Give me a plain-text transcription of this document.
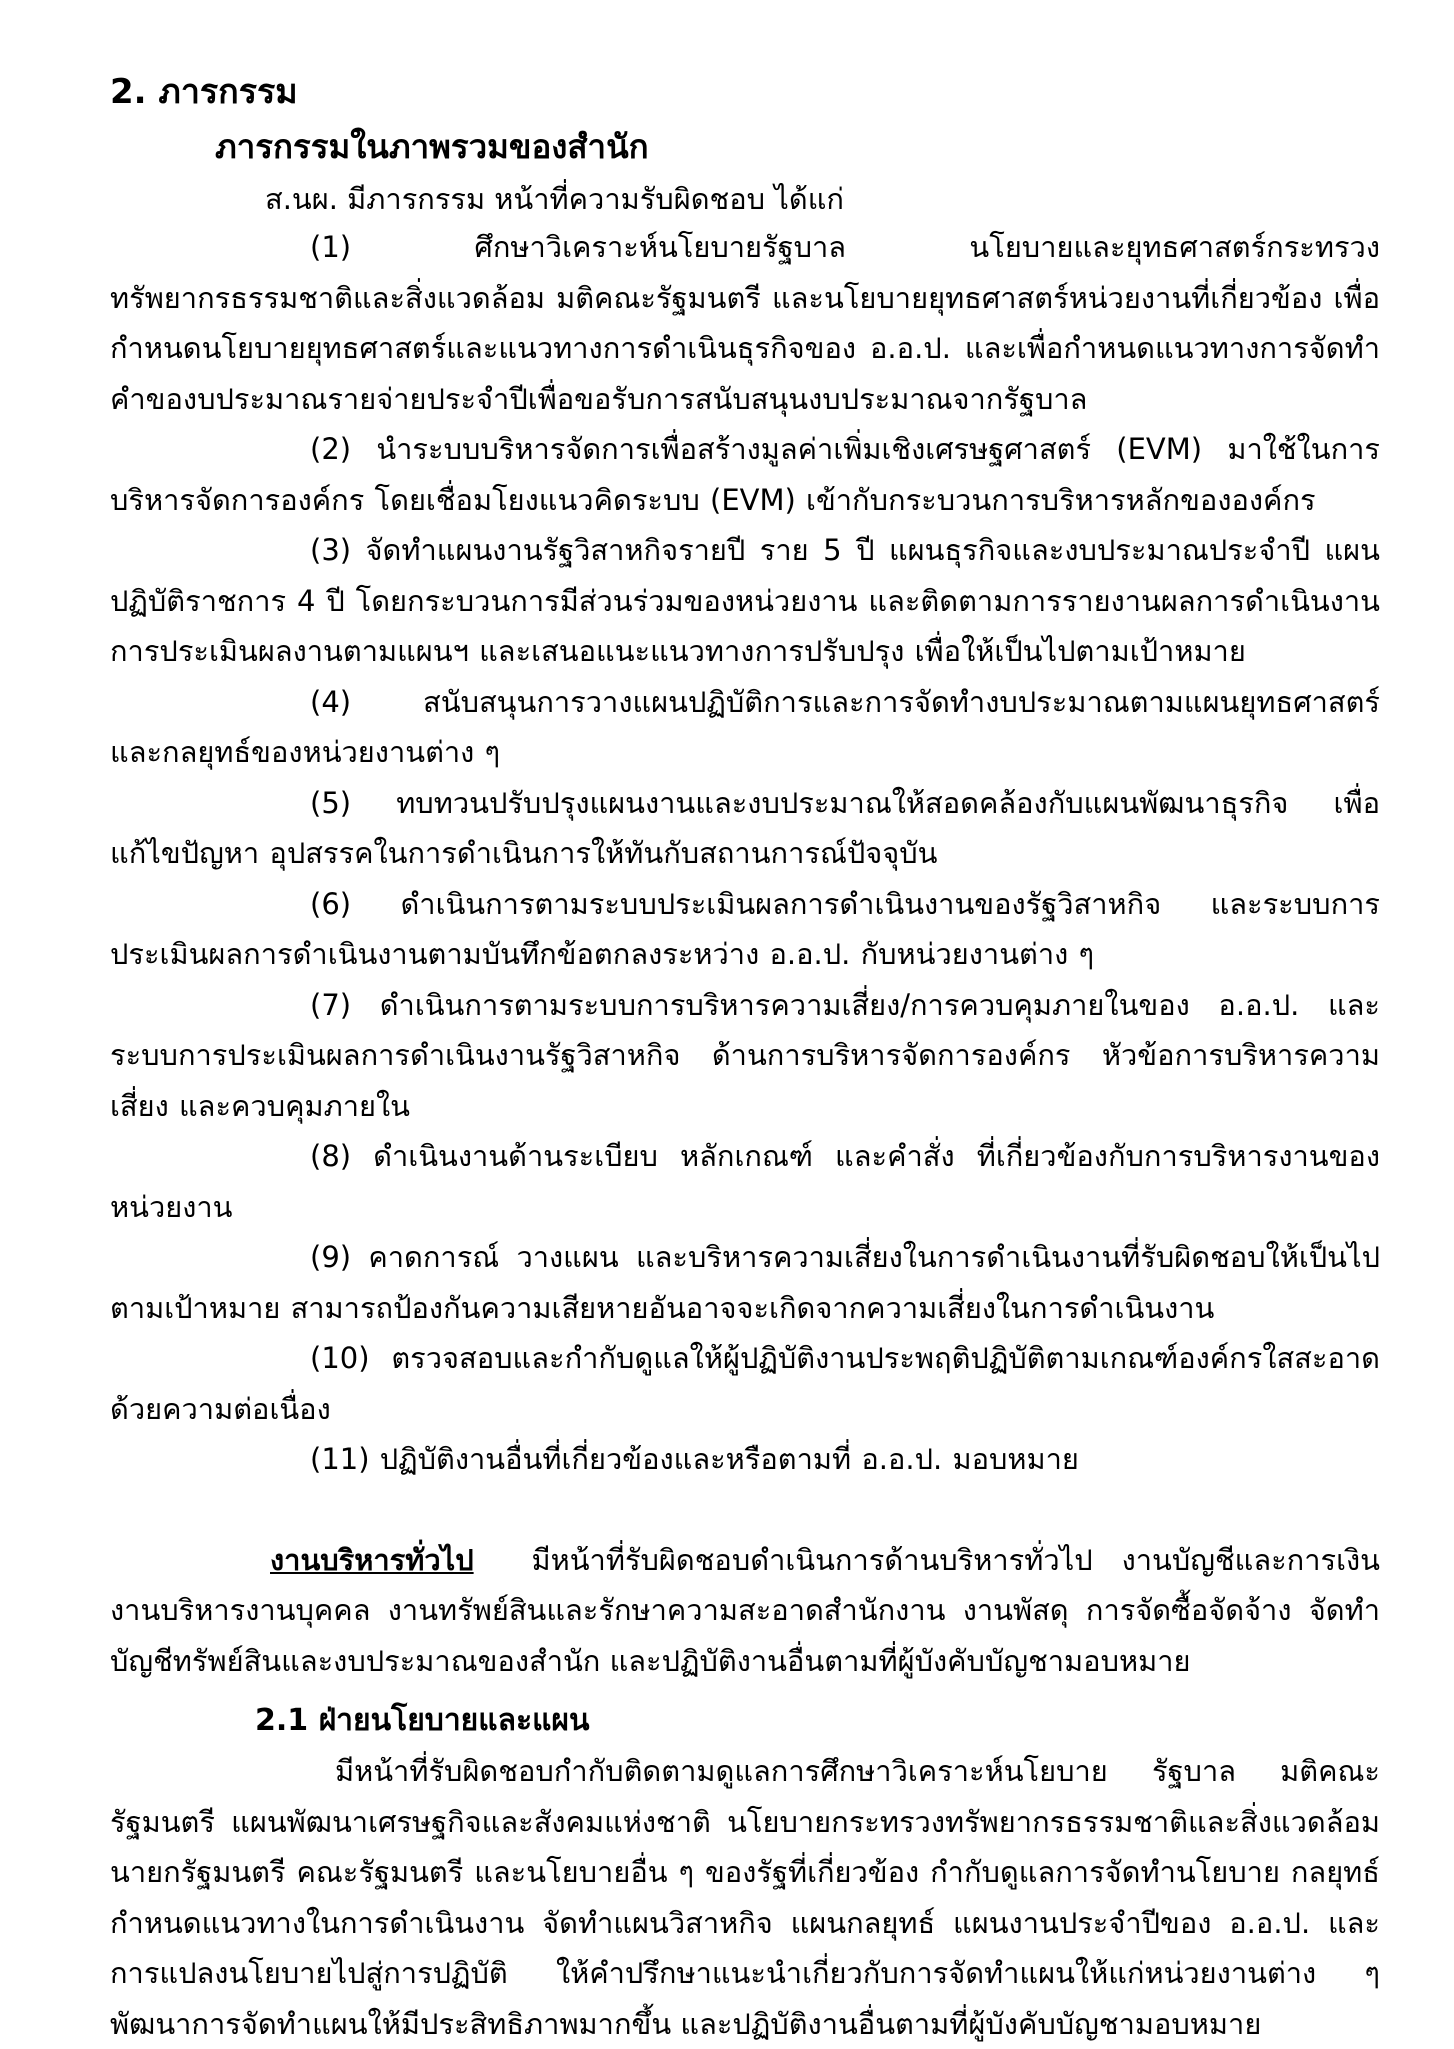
2. ภารกรรม

ภารกรรมในภาพรวมของสำนัก

ส.นผ. มีภารกรรม หน้าที่ความรับผิดชอบ ได้แก่

(1) ศึกษาวิเคราะห์นโยบายรัฐบาล นโยบายและยุทธศาสตร์กระทรวงทรัพยากรธรรมชาติและสิ่งแวดล้อม มติคณะรัฐมนตรี และนโยบายยุทธศาสตร์หน่วยงานที่เกี่ยวข้อง เพื่อกำหนดนโยบายยุทธศาสตร์และแนวทางการดำเนินธุรกิจของ อ.อ.ป. และเพื่อกำหนดแนวทางการจัดทำคำของบประมาณรายจ่ายประจำปีเพื่อขอรับการสนับสนุนงบประมาณจากรัฐบาล

(2) นำระบบบริหารจัดการเพื่อสร้างมูลค่าเพิ่มเชิงเศรษฐศาสตร์ (EVM) มาใช้ในการบริหารจัดการองค์กร โดยเชื่อมโยงแนวคิดระบบ (EVM) เข้ากับกระบวนการบริหารหลักขององค์กร

(3) จัดทำแผนงานรัฐวิสาหกิจรายปี ราย 5 ปี แผนธุรกิจและงบประมาณประจำปี แผนปฏิบัติราชการ 4 ปี โดยกระบวนการมีส่วนร่วมของหน่วยงาน และติดตามการรายงานผลการดำเนินงาน การประเมินผลงานตามแผนฯ และเสนอแนะแนวทางการปรับปรุง เพื่อให้เป็นไปตามเป้าหมาย

(4) สนับสนุนการวางแผนปฏิบัติการและการจัดทำงบประมาณตามแผนยุทธศาสตร์ และกลยุทธ์ของหน่วยงานต่าง ๆ

(5) ทบทวนปรับปรุงแผนงานและงบประมาณให้สอดคล้องกับแผนพัฒนาธุรกิจ เพื่อแก้ไขปัญหา อุปสรรคในการดำเนินการให้ทันกับสถานการณ์ปัจจุบัน

(6) ดำเนินการตามระบบประเมินผลการดำเนินงานของรัฐวิสาหกิจ และระบบการประเมินผลการดำเนินงานตามบันทึกข้อตกลงระหว่าง อ.อ.ป. กับหน่วยงานต่าง ๆ

(7) ดำเนินการตามระบบการบริหารความเสี่ยง/การควบคุมภายในของ อ.อ.ป. และระบบการประเมินผลการดำเนินงานรัฐวิสาหกิจ ด้านการบริหารจัดการองค์กร หัวข้อการบริหารความเสี่ยง และควบคุมภายใน

(8) ดำเนินงานด้านระเบียบ หลักเกณฑ์ และคำสั่ง ที่เกี่ยวข้องกับการบริหารงานของหน่วยงาน

(9) คาดการณ์ วางแผน และบริหารความเสี่ยงในการดำเนินงานที่รับผิดชอบให้เป็นไปตามเป้าหมาย สามารถป้องกันความเสียหายอันอาจจะเกิดจากความเสี่ยงในการดำเนินงาน

(10) ตรวจสอบและกำกับดูแลให้ผู้ปฏิบัติงานประพฤติปฏิบัติตามเกณฑ์องค์กรใสสะอาดด้วยความต่อเนื่อง

(11) ปฏิบัติงานอื่นที่เกี่ยวข้องและหรือตามที่ อ.อ.ป. มอบหมาย

งานบริหารทั่วไป มีหน้าที่รับผิดชอบดำเนินการด้านบริหารทั่วไป งานบัญชีและการเงิน งานบริหารงานบุคคล งานทรัพย์สินและรักษาความสะอาดสำนักงาน งานพัสดุ การจัดซื้อจัดจ้าง จัดทำบัญชีทรัพย์สินและงบประมาณของสำนัก และปฏิบัติงานอื่นตามที่ผู้บังคับบัญชามอบหมาย

2.1 ฝ่ายนโยบายและแผน

มีหน้าที่รับผิดชอบกำกับติดตามดูแลการศึกษาวิเคราะห์นโยบาย รัฐบาล มติคณะรัฐมนตรี แผนพัฒนาเศรษฐกิจและสังคมแห่งชาติ นโยบายกระทรวงทรัพยากรธรรมชาติและสิ่งแวดล้อม นายกรัฐมนตรี คณะรัฐมนตรี และนโยบายอื่น ๆ ของรัฐที่เกี่ยวข้อง กำกับดูแลการจัดทำนโยบาย กลยุทธ์ กำหนดแนวทางในการดำเนินงาน จัดทำแผนวิสาหกิจ แผนกลยุทธ์ แผนงานประจำปีของ อ.อ.ป. และการแปลงนโยบายไปสู่การปฏิบัติ ให้คำปรึกษาแนะนำเกี่ยวกับการจัดทำแผนให้แก่หน่วยงานต่าง ๆ พัฒนาการจัดทำแผนให้มีประสิทธิภาพมากขึ้น และปฏิบัติงานอื่นตามที่ผู้บังคับบัญชามอบหมาย
